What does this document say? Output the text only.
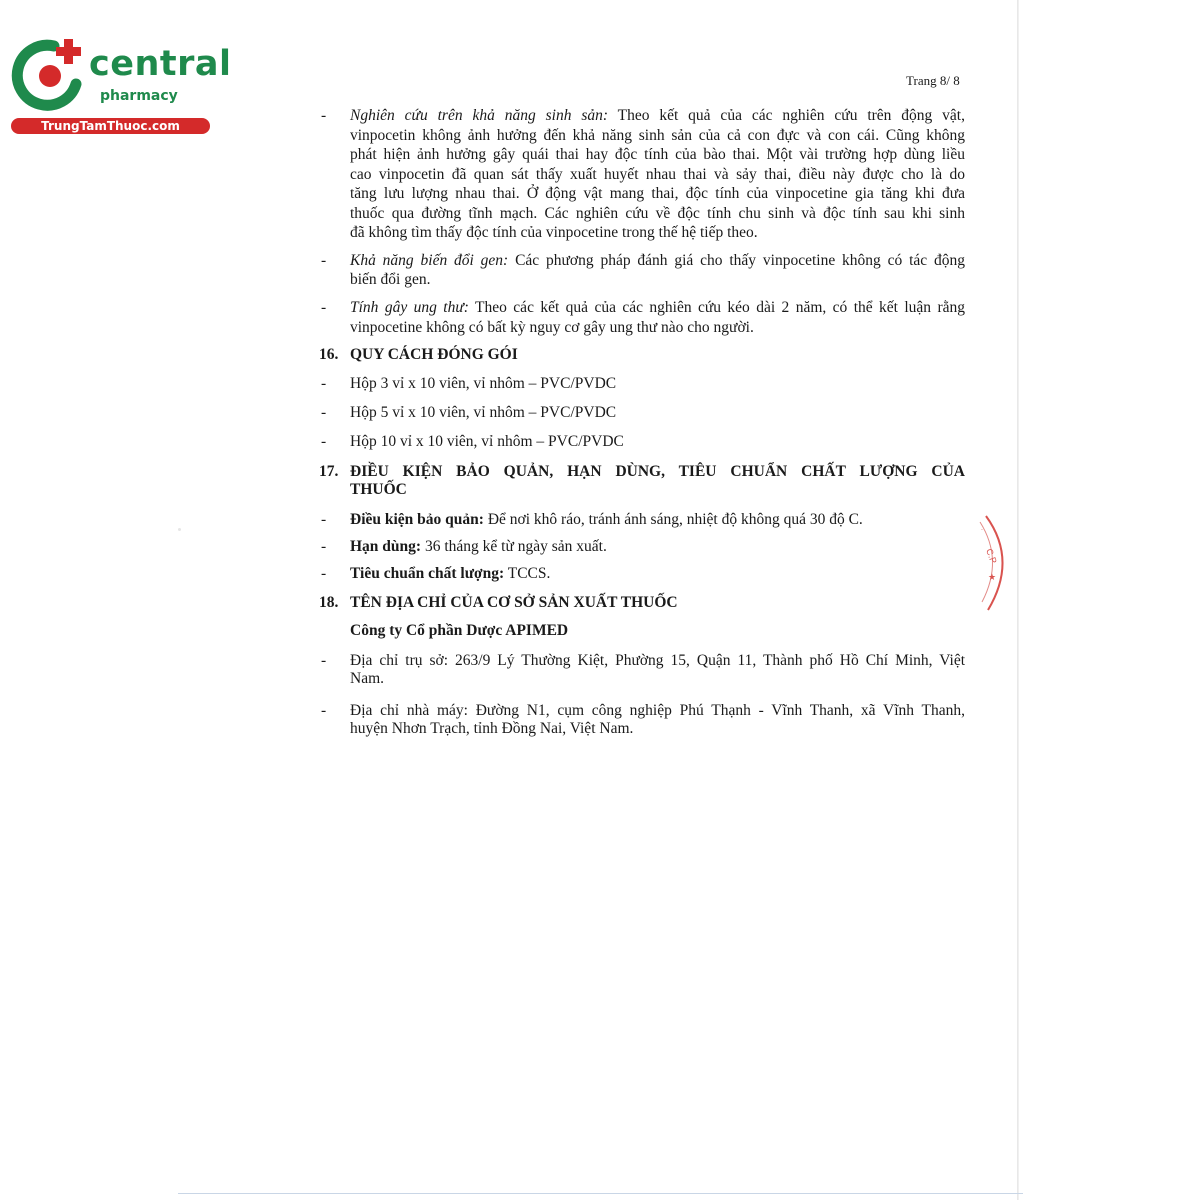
central
pharmacy
TrungTamThuoc.com
Trang 8/ 8
- Nghiên cứu trên khả năng sinh sản: Theo kết quả của các nghiên cứu trên động vật,
vinpocetin không ảnh hưởng đến khả năng sinh sản của cả con đực và con cái. Cũng không
phát hiện ảnh hưởng gây quái thai hay độc tính của bào thai. Một vài trường hợp dùng liều
cao vinpocetin đã quan sát thấy xuất huyết nhau thai và sảy thai, điều này được cho là do
tăng lưu lượng nhau thai. Ở động vật mang thai, độc tính của vinpocetine gia tăng khi đưa
thuốc qua đường tĩnh mạch. Các nghiên cứu về độc tính chu sinh và độc tính sau khi sinh
đã không tìm thấy độc tính của vinpocetine trong thế hệ tiếp theo.
- Khả năng biến đổi gen: Các phương pháp đánh giá cho thấy vinpocetine không có tác động
biến đổi gen.
- Tính gây ung thư: Theo các kết quả của các nghiên cứu kéo dài 2 năm, có thể kết luận rằng
vinpocetine không có bất kỳ nguy cơ gây ung thư nào cho người.
16. QUY CÁCH ĐÓNG GÓI
- Hộp 3 vỉ x 10 viên, vỉ nhôm – PVC/PVDC
- Hộp 5 vỉ x 10 viên, vỉ nhôm – PVC/PVDC
- Hộp 10 vỉ x 10 viên, vỉ nhôm – PVC/PVDC
17. ĐIỀU KIỆN BẢO QUẢN, HẠN DÙNG, TIÊU CHUẨN CHẤT LƯỢNG CỦA
THUỐC
- Điều kiện bảo quản: Để nơi khô ráo, tránh ánh sáng, nhiệt độ không quá 30 độ C.
- Hạn dùng: 36 tháng kể từ ngày sản xuất.
- Tiêu chuẩn chất lượng: TCCS.
18. TÊN ĐỊA CHỈ CỦA CƠ SỞ SẢN XUẤT THUỐC
Công ty Cổ phần Dược APIMED
- Địa chỉ trụ sở: 263/9 Lý Thường Kiệt, Phường 15, Quận 11, Thành phố Hồ Chí Minh, Việt
Nam.
- Địa chỉ nhà máy: Đường N1, cụm công nghiệp Phú Thạnh - Vĩnh Thanh, xã Vĩnh Thanh,
huyện Nhơn Trạch, tỉnh Đồng Nai, Việt Nam.
C.P
★
.
